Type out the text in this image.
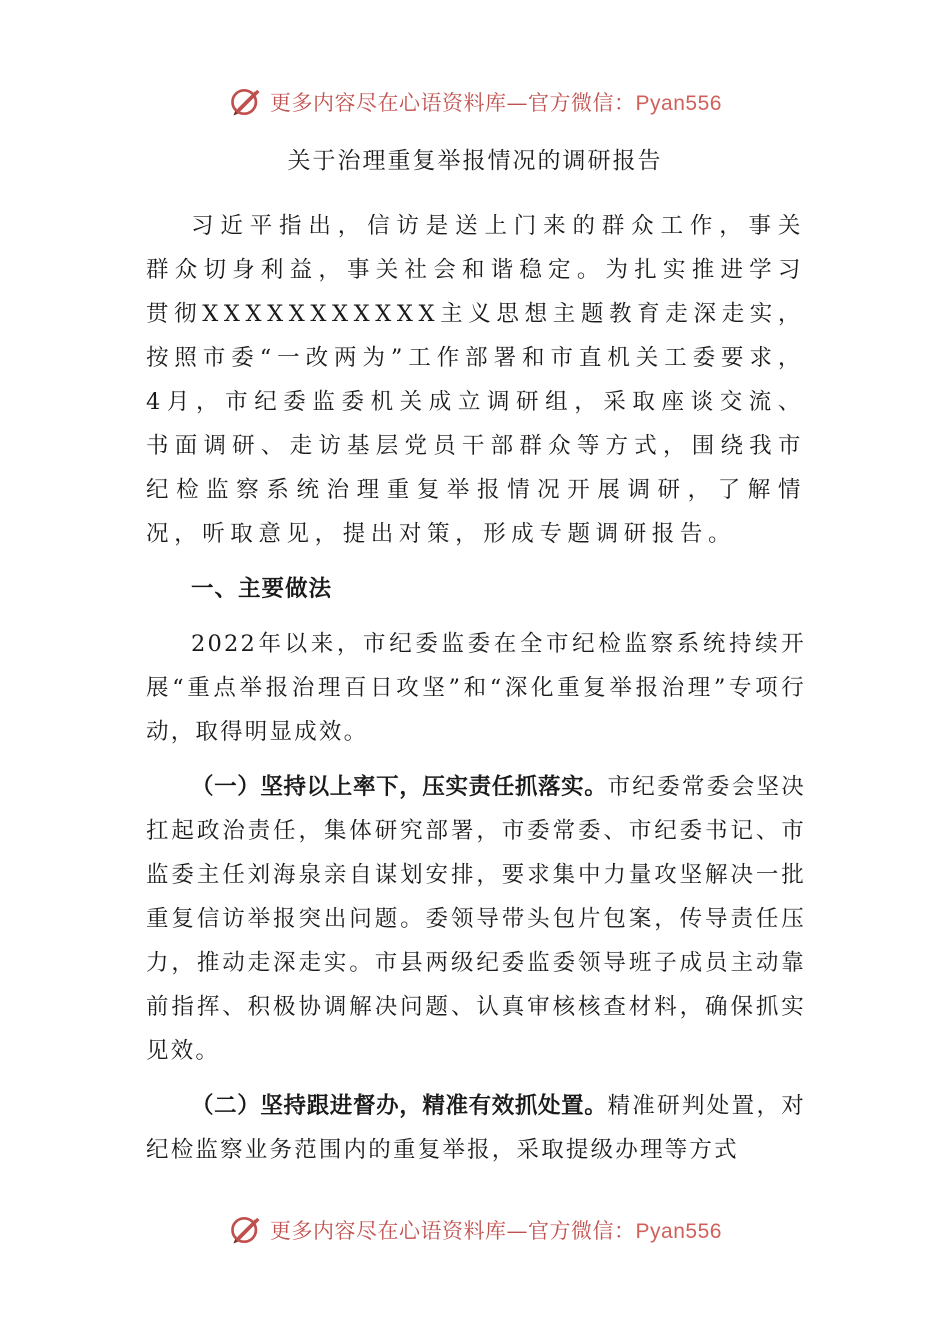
更多内容尽在心语资料库—官方微信：Pyan556
关于治理重复举报情况的调研报告

习近平指出，信访是送上门来的群众工作，事关群众切身利益，事关社会和谐稳定。为扎实推进学习贯彻XXXXXXXXXXX主义思想主题教育走深走实，按照市委“一改两为”工作部署和市直机关工委要求，4月，市纪委监委机关成立调研组，采取座谈交流、书面调研、走访基层党员干部群众等方式，围绕我市纪检监察系统治理重复举报情况开展调研，了解情况，听取意见，提出对策，形成专题调研报告。

一、主要做法

2022年以来，市纪委监委在全市纪检监察系统持续开展“重点举报治理百日攻坚”和“深化重复举报治理”专项行动，取得明显成效。

（一）坚持以上率下，压实责任抓落实。市纪委常委会坚决扛起政治责任，集体研究部署，市委常委、市纪委书记、市监委主任刘海泉亲自谋划安排，要求集中力量攻坚解决一批重复信访举报突出问题。委领导带头包片包案，传导责任压力，推动走深走实。市县两级纪委监委领导班子成员主动靠前指挥、积极协调解决问题、认真审核核查材料，确保抓实见效。

（二）坚持跟进督办，精准有效抓处置。精准研判处置，对纪检监察业务范围内的重复举报，采取提级办理等方式

更多内容尽在心语资料库—官方微信：Pyan556
